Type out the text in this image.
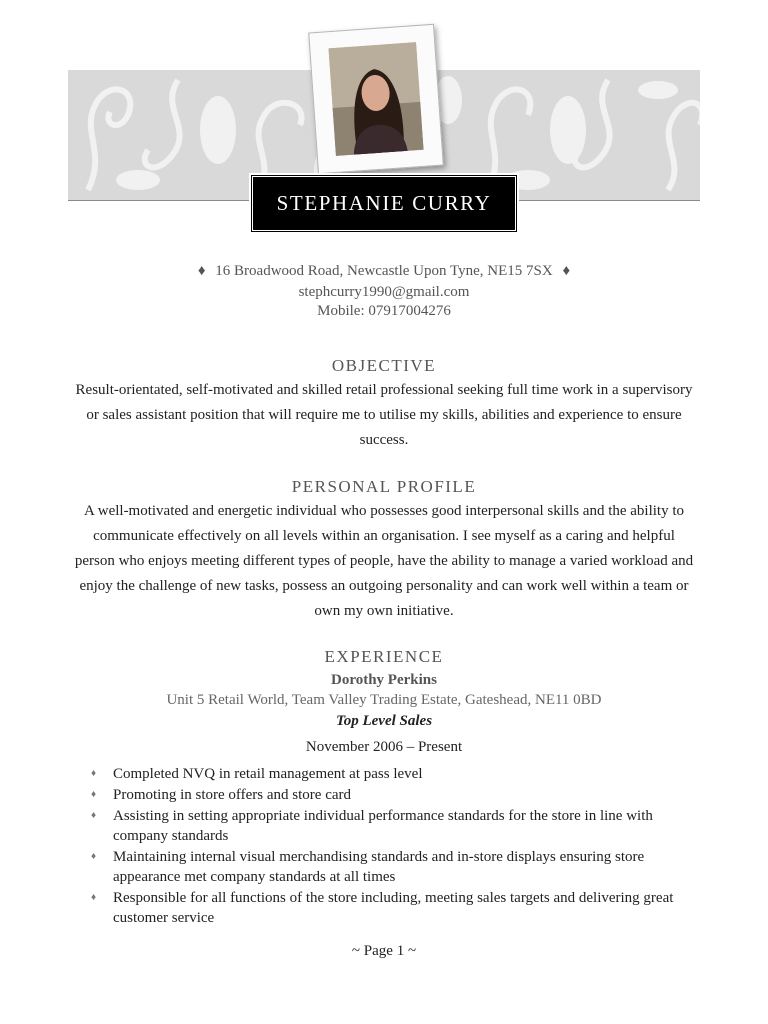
STEPHANIE CURRY
♦ 16 Broadwood Road, Newcastle Upon Tyne, NE15 7SX ♦
stephcurry1990@gmail.com
Mobile: 07917004276
OBJECTIVE
Result-orientated, self-motivated and skilled retail professional seeking full time work in a supervisory or sales assistant position that will require me to utilise my skills, abilities and experience to ensure success.
PERSONAL PROFILE
A well-motivated and energetic individual who possesses good interpersonal skills and the ability to communicate effectively on all levels within an organisation. I see myself as a caring and helpful person who enjoys meeting different types of people, have the ability to manage a varied workload and enjoy the challenge of new tasks, possess an outgoing personality and can work well within a team or own my own initiative.
EXPERIENCE
Dorothy Perkins
Unit 5 Retail World, Team Valley Trading Estate, Gateshead, NE11 0BD
Top Level Sales
November 2006 – Present
♦ Completed NVQ in retail management at pass level
♦ Promoting in store offers and store card
♦ Assisting in setting appropriate individual performance standards for the store in line with company standards
♦ Maintaining internal visual merchandising standards and in-store displays ensuring store appearance met company standards at all times
♦ Responsible for all functions of the store including, meeting sales targets and delivering great customer service
~ Page 1 ~
